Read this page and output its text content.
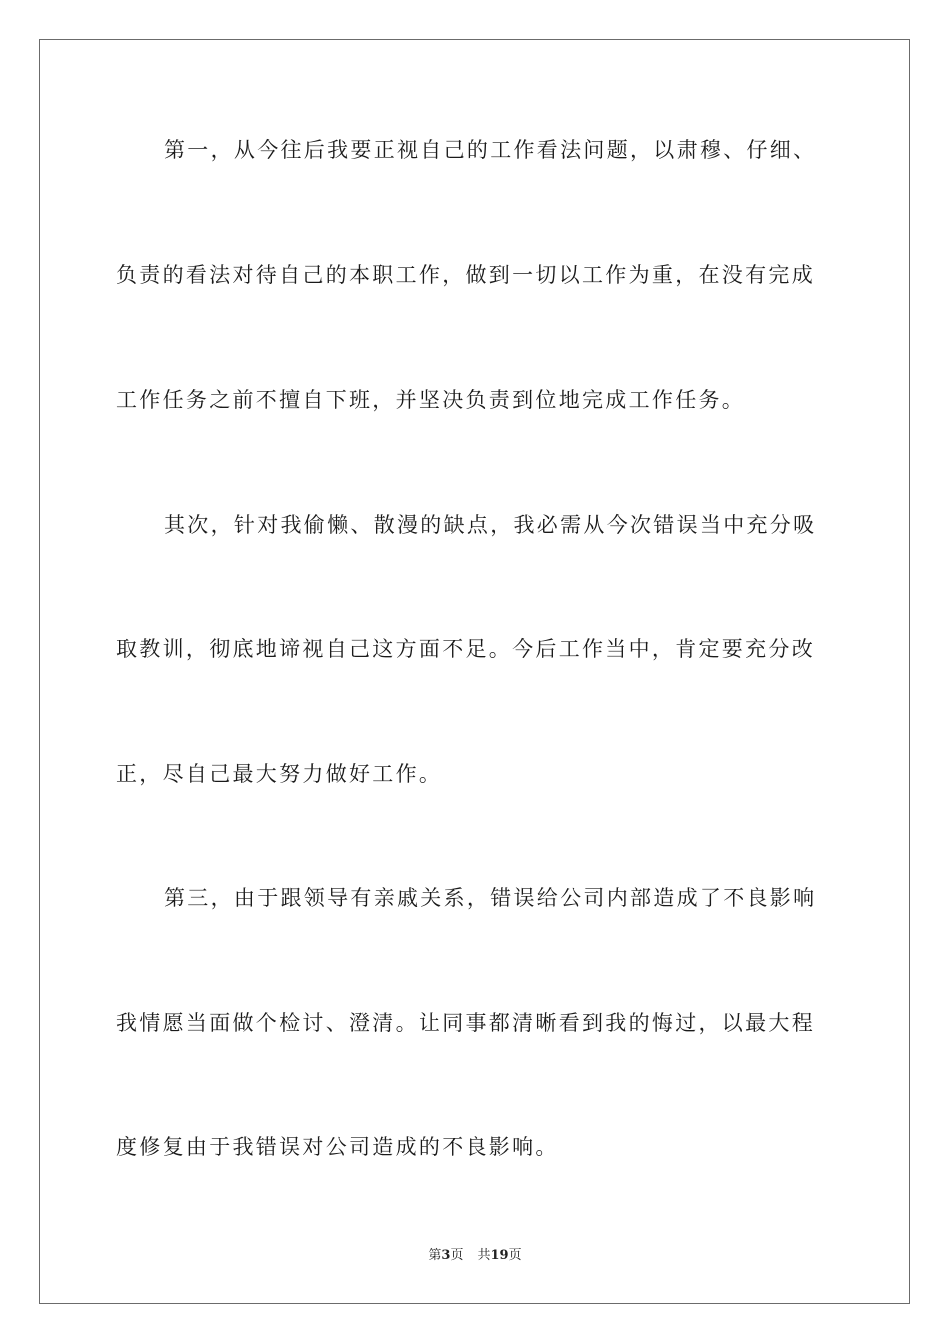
第一，从今往后我要正视自己的工作看法问题，以肃穆、仔细、
负责的看法对待自己的本职工作，做到一切以工作为重，在没有完成
工作任务之前不擅自下班，并坚决负责到位地完成工作任务。
其次，针对我偷懒、散漫的缺点，我必需从今次错误当中充分吸
取教训，彻底地谛视自己这方面不足。今后工作当中，肯定要充分改
正，尽自己最大努力做好工作。
第三，由于跟领导有亲戚关系，错误给公司内部造成了不良影响
我情愿当面做个检讨、澄清。让同事都清晰看到我的悔过，以最大程
度修复由于我错误对公司造成的不良影响。
第3页 共19页
